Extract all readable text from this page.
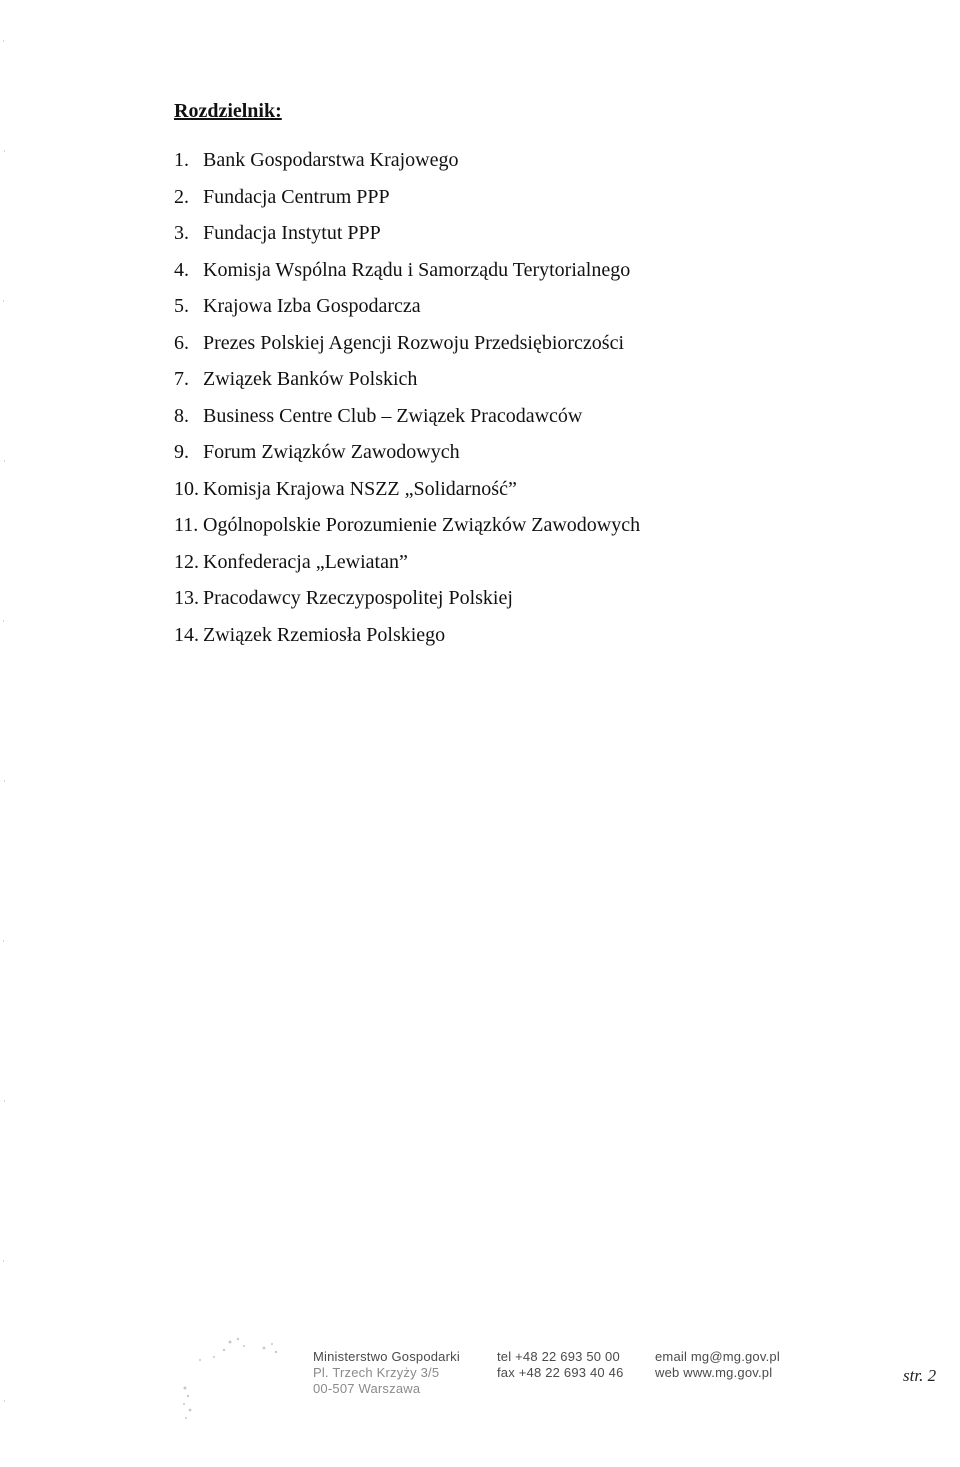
Rozdzielnik:
1. Bank Gospodarstwa Krajowego
2. Fundacja Centrum PPP
3. Fundacja Instytut PPP
4. Komisja Wspólna Rządu i Samorządu Terytorialnego
5. Krajowa Izba Gospodarcza
6. Prezes Polskiej Agencji Rozwoju Przedsiębiorczości
7. Związek Banków Polskich
8. Business Centre Club – Związek Pracodawców
9. Forum Związków Zawodowych
10. Komisja Krajowa NSZZ „Solidarność”
11. Ogólnopolskie Porozumienie Związków Zawodowych
12. Konfederacja „Lewiatan”
13. Pracodawcy Rzeczypospolitej Polskiej
14. Związek Rzemiosła Polskiego
Ministerstwo Gospodarki
Pl. Trzech Krzyży 3/5
00-507 Warszawa
tel +48 22 693 50 00
fax +48 22 693 40 46
email mg@mg.gov.pl
web www.mg.gov.pl	str. 2
